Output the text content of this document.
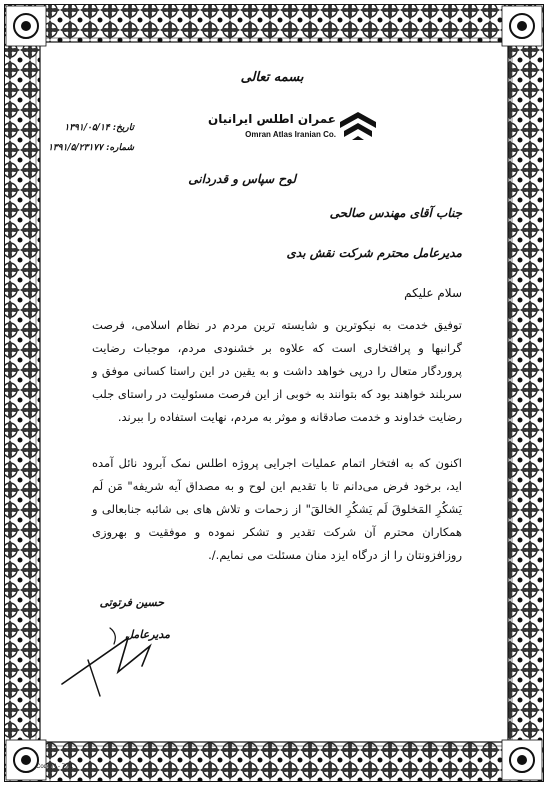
بسمه تعالی
عمران اطلس ایرانیان
Omran Atlas Iranian Co.
تاریخ: ۱۳۹۱/۰۵/۱۴
شماره: ۱۳۹۱/۵/۲۳۱۷۷
لوح سپاس و قدردانی
جناب آقای مهندس صالحی
مدیرعامل محترم شرکت نقش بدی
سلام علیکم

توفیق خدمت به نیکوترین و شایسته ترین مردم در نظام اسلامی، فرصت گرانبها و پرافتخاری است که علاوه بر خشنودی مردم، موجبات رضایت پروردگار متعال را درپی خواهد داشت و به یقین در این راستا کسانی موفق و سربلند خواهند بود که بتوانند به خوبی از این فرصت مسئولیت در راستای جلب رضایت خداوند و خدمت صادقانه و موثر به مردم، نهایت استفاده را ببرند.

اکنون که به افتخار اتمام عملیات اجرایی پروژه اطلس نمک آبرود نائل آمده اید، برخود فرض می‌دانم تا با تقدیم این لوح و به مصداق آیه شریفه" مَن لَم یَشکُرِ المَخلوقَ لَم یَشکُرِ الخالقَ" از زحمات و تلاش های بی شائبه جنابعالی و همکاران محترم آن شرکت تقدیر و تشکر نموده و موفقیت و بهروزی روزافزونتان را از درگاه ایزد منان مسئلت می نمایم./.

حسین فرتوتی
مدیرعامل
Code:N - 79/1
